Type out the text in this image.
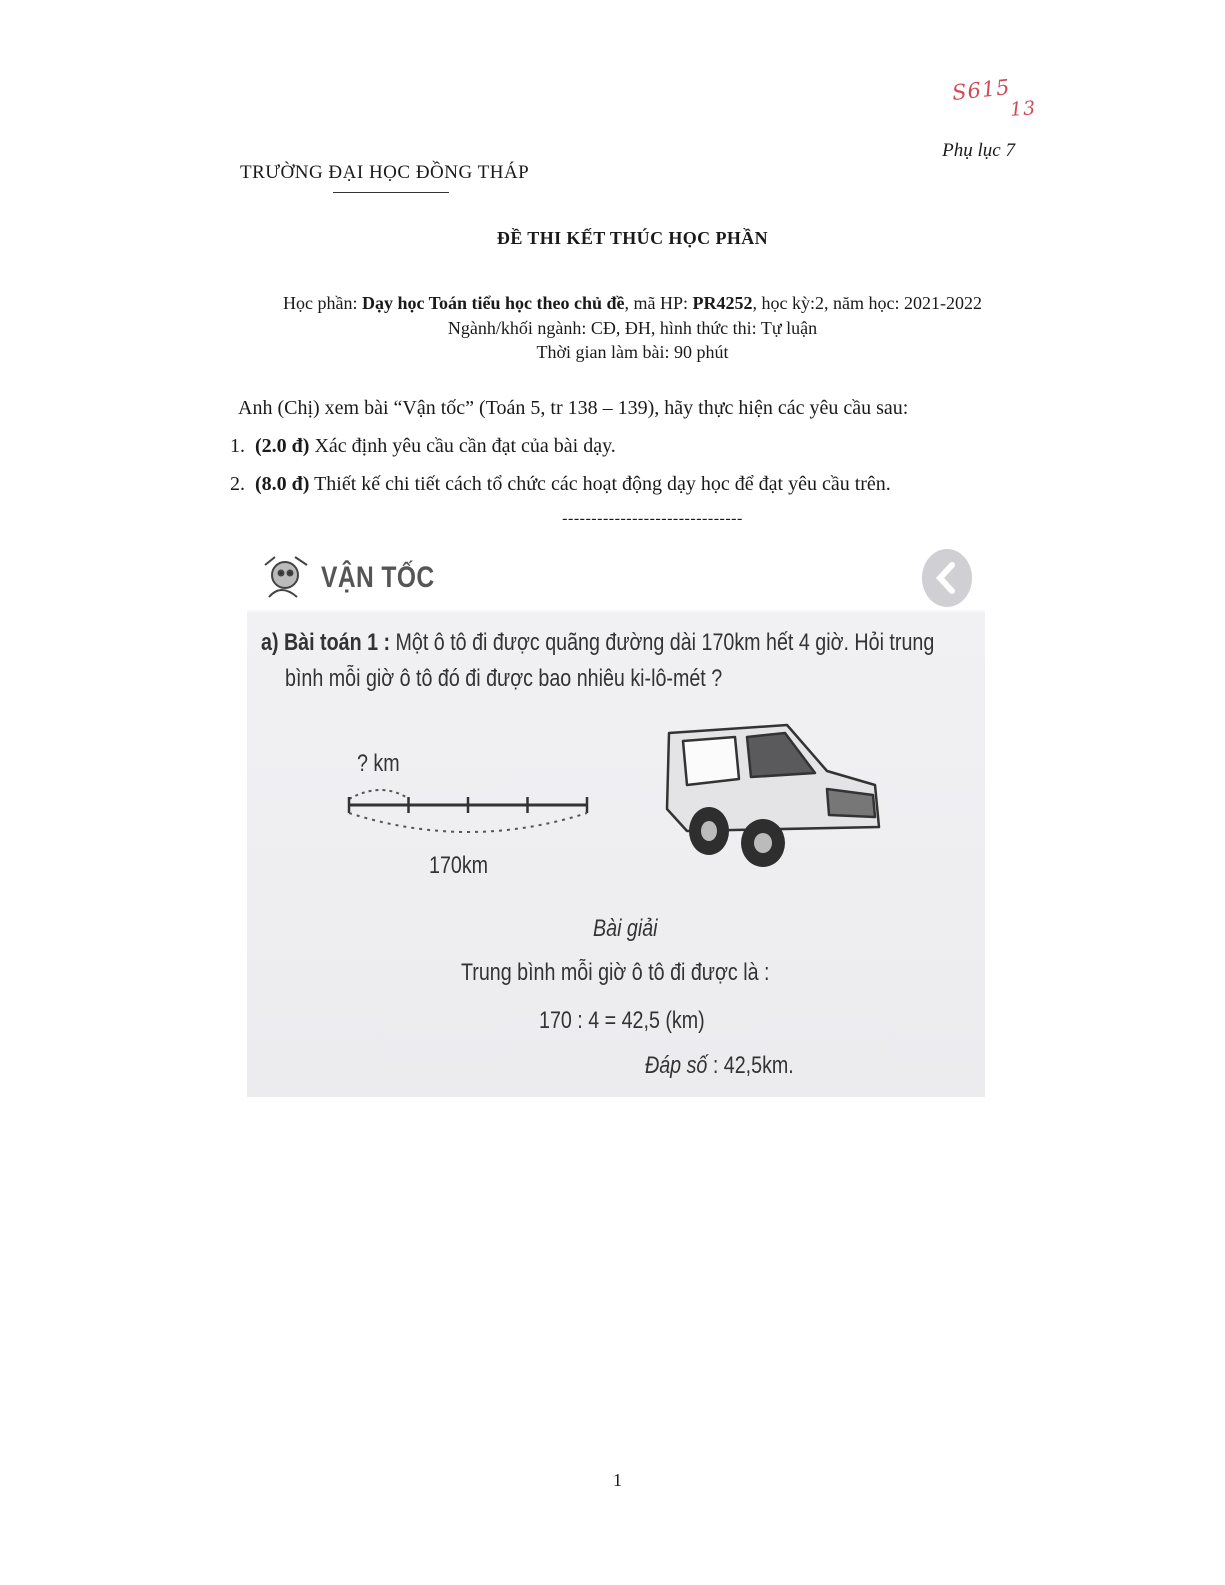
S615
13
Phụ lục 7
TRƯỜNG ĐẠI HỌC ĐỒNG THÁP
ĐỀ THI KẾT THÚC HỌC PHẦN
Học phần: Dạy học Toán tiểu học theo chủ đề, mã HP: PR4252, học kỳ:2, năm học: 2021-2022
Ngành/khối ngành: CĐ, ĐH, hình thức thi: Tự luận
Thời gian làm bài: 90 phút
Anh (Chị) xem bài “Vận tốc” (Toán 5, tr 138 – 139), hãy thực hiện các yêu cầu sau:
1. (2.0 đ) Xác định yêu cầu cần đạt của bài dạy.
2. (8.0 đ) Thiết kế chi tiết cách tổ chức các hoạt động dạy học để đạt yêu cầu trên.
-------------------------------
VẬN TỐC
a) Bài toán 1 : Một ô tô đi được quãng đường dài 170km hết 4 giờ. Hỏi trung
bình mỗi giờ ô tô đó đi được bao nhiêu ki-lô-mét ?
? km
170km
Bài giải
Trung bình mỗi giờ ô tô đi được là :
170 : 4 = 42,5 (km)
Đáp số : 42,5km.
1
